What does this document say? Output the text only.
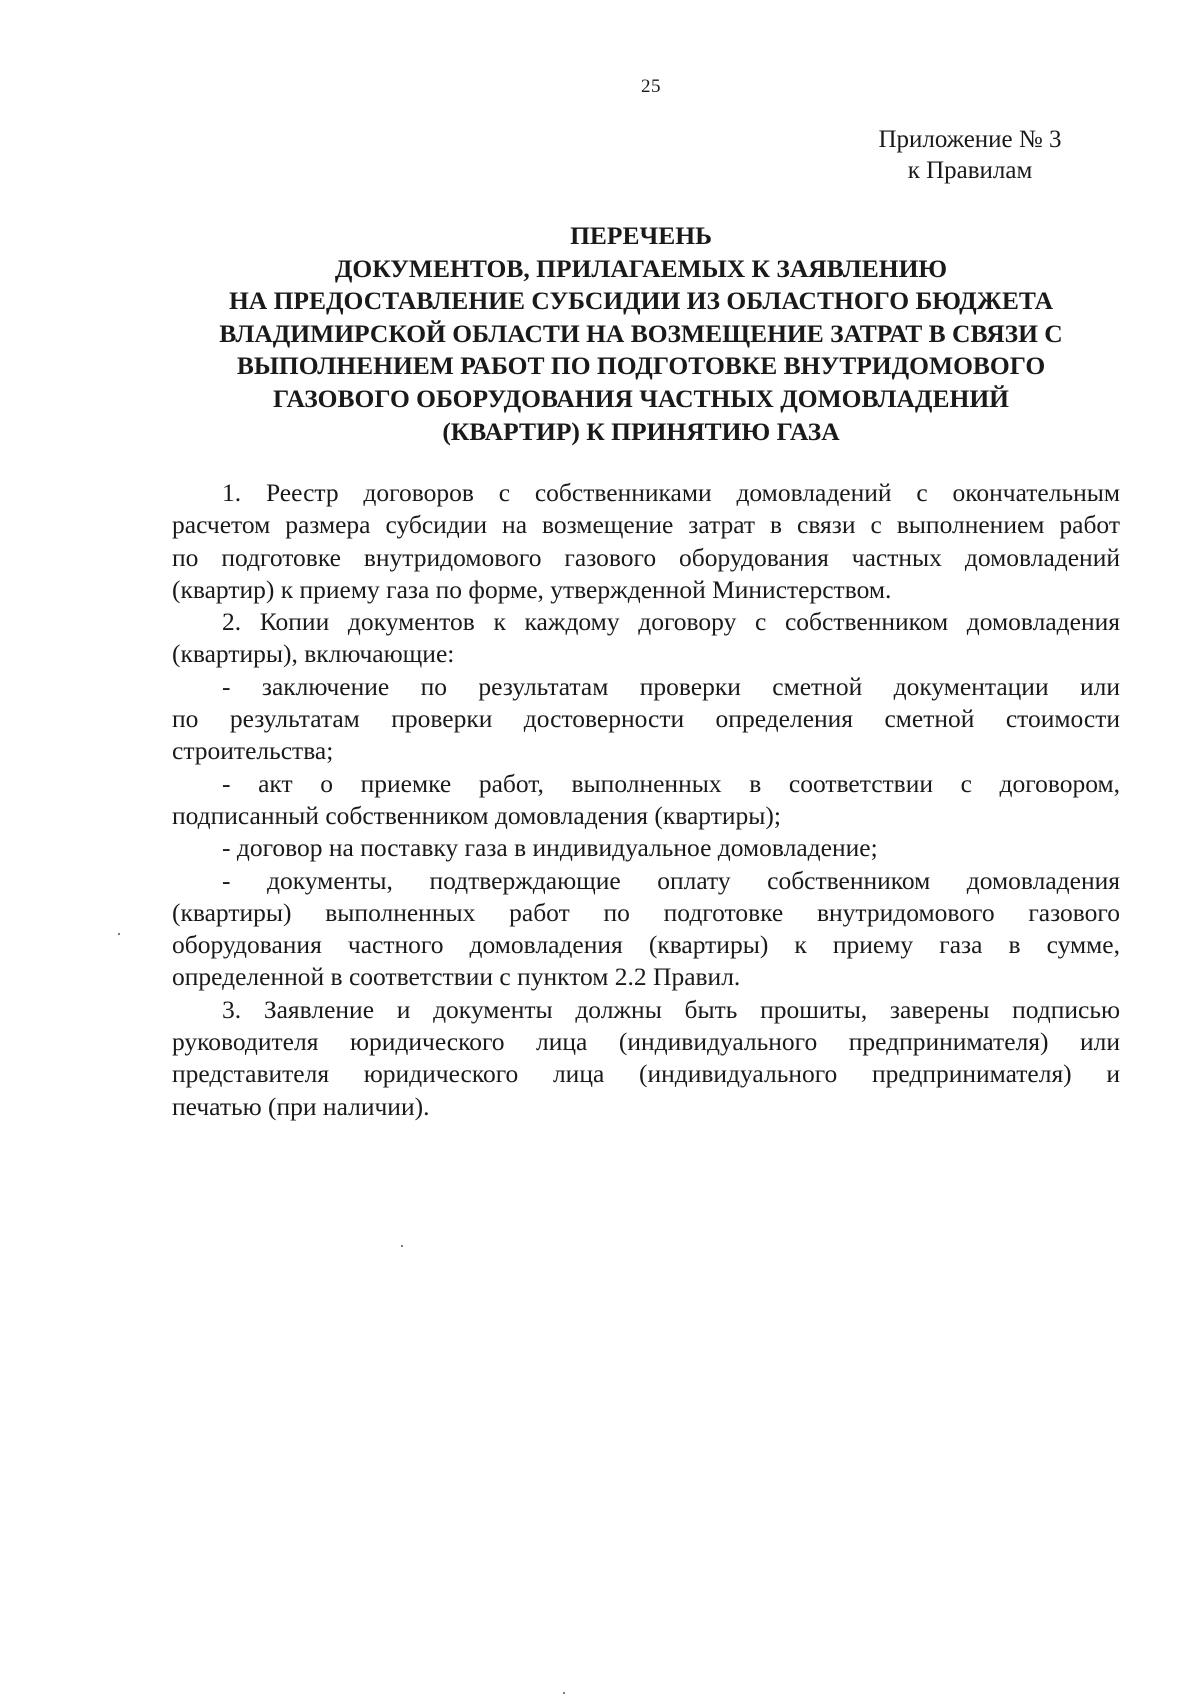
25
Приложение № 3
к Правилам
ПЕРЕЧЕНЬ
ДОКУМЕНТОВ, ПРИЛАГАЕМЫХ К ЗАЯВЛЕНИЮ
НА ПРЕДОСТАВЛЕНИЕ СУБСИДИИ ИЗ ОБЛАСТНОГО БЮДЖЕТА
ВЛАДИМИРСКОЙ ОБЛАСТИ НА ВОЗМЕЩЕНИЕ ЗАТРАТ В СВЯЗИ С
ВЫПОЛНЕНИЕМ РАБОТ ПО ПОДГОТОВКЕ ВНУТРИДОМОВОГО
ГАЗОВОГО ОБОРУДОВАНИЯ ЧАСТНЫХ ДОМОВЛАДЕНИЙ
(КВАРТИР) К ПРИНЯТИЮ ГАЗА
1. Реестр договоров с собственниками домовладений с окончательным
расчетом размера субсидии на возмещение затрат в связи с выполнением работ
по подготовке внутридомового газового оборудования частных домовладений
(квартир) к приему газа по форме, утвержденной Министерством.
2. Копии документов к каждому договору с собственником домовладения
(квартиры), включающие:
- заключение по результатам проверки сметной документации или
по результатам проверки достоверности определения сметной стоимости
строительства;
- акт о приемке работ, выполненных в соответствии с договором,
подписанный собственником домовладения (квартиры);
- договор на поставку газа в индивидуальное домовладение;
- документы, подтверждающие оплату собственником домовладения
(квартиры) выполненных работ по подготовке внутридомового газового
оборудования частного домовладения (квартиры) к приему газа в сумме,
определенной в соответствии с пунктом 2.2 Правил.
3. Заявление и документы должны быть прошиты, заверены подписью
руководителя юридического лица (индивидуального предпринимателя) или
представителя юридического лица (индивидуального предпринимателя) и
печатью (при наличии).
